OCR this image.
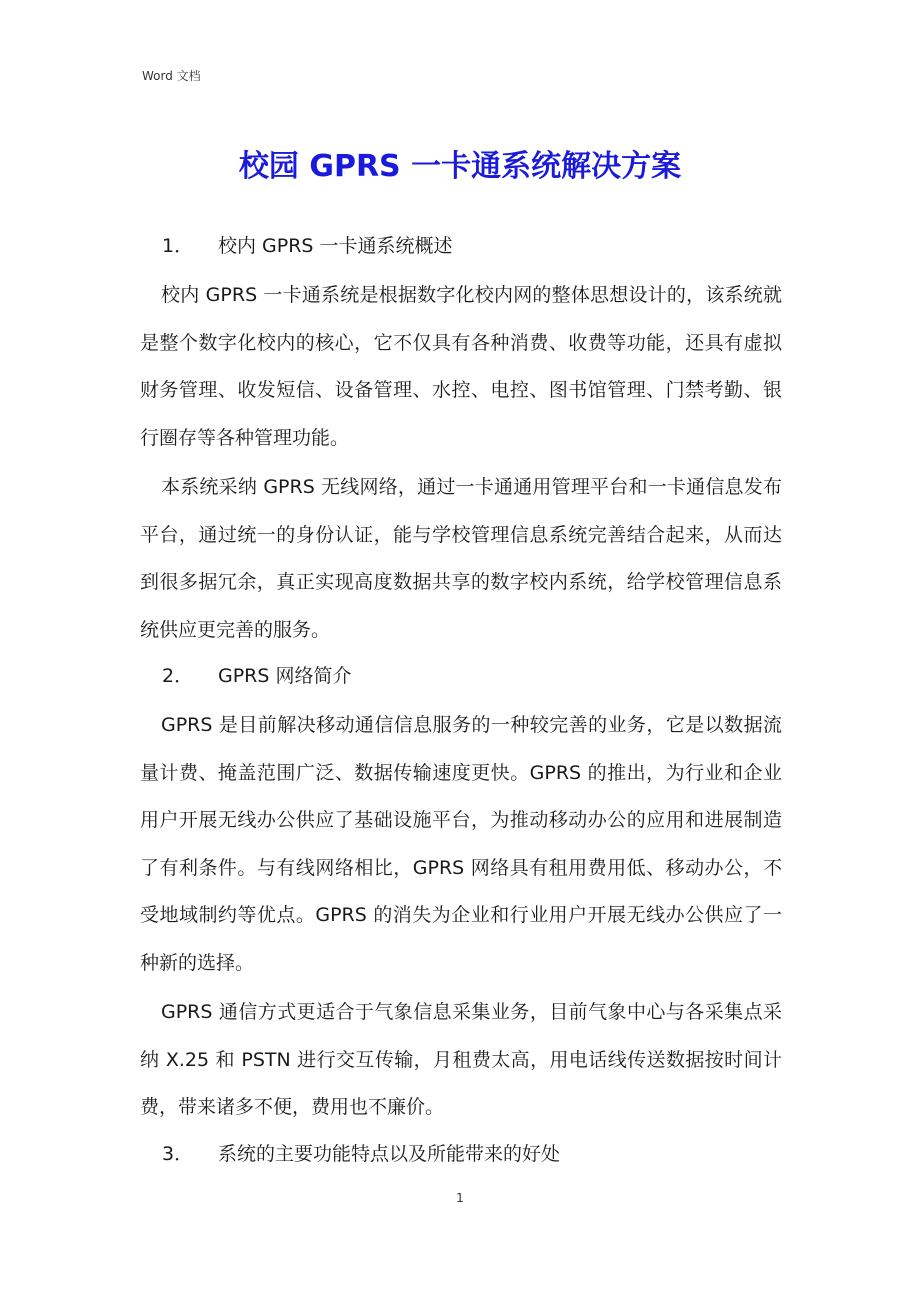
Word 文档
校园 GPRS 一卡通系统解决方案
1． 校内 GPRS 一卡通系统概述

校内 GPRS 一卡通系统是根据数字化校内网的整体思想设计的，该系统就是整个数字化校内的核心，它不仅具有各种消费、收费等功能，还具有虚拟财务管理、收发短信、设备管理、水控、电控、图书馆管理、门禁考勤、银行圈存等各种管理功能。

本系统采纳 GPRS 无线网络，通过一卡通通用管理平台和一卡通信息发布平台，通过统一的身份认证，能与学校管理信息系统完善结合起来，从而达到很多据冗余，真正实现高度数据共享的数字校内系统，给学校管理信息系统供应更完善的服务。

2． GPRS 网络简介

GPRS 是目前解决移动通信信息服务的一种较完善的业务，它是以数据流量计费、掩盖范围广泛、数据传输速度更快。GPRS 的推出，为行业和企业用户开展无线办公供应了基础设施平台，为推动移动办公的应用和进展制造了有利条件。与有线网络相比，GPRS 网络具有租用费用低、移动办公，不受地域制约等优点。GPRS 的消失为企业和行业用户开展无线办公供应了一种新的选择。

GPRS 通信方式更适合于气象信息采集业务，目前气象中心与各采集点采纳 X.25 和 PSTN 进行交互传输，月租费太高，用电话线传送数据按时间计费，带来诸多不便，费用也不廉价。

3． 系统的主要功能特点以及所能带来的好处
1
